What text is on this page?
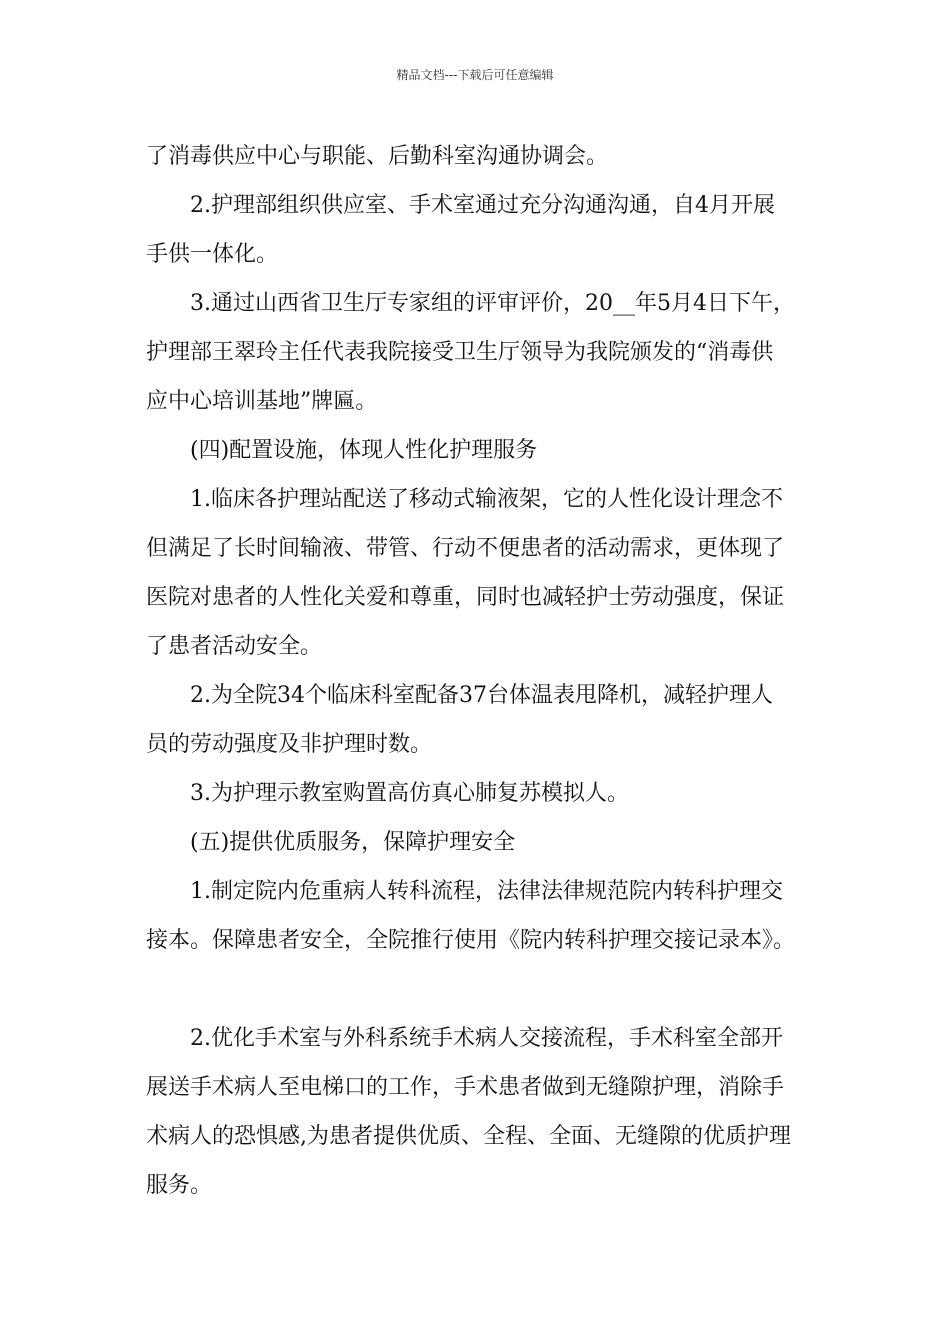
精品文档---下载后可任意编辑
了消毒供应中心与职能、后勤科室沟通协调会。
2.护理部组织供应室、手术室通过充分沟通沟通，自4月开展
手供一体化。
3.通过山西省卫生厅专家组的评审评价，20__年5月4日下午，
护理部王翠玲主任代表我院接受卫生厅领导为我院颁发的“消毒供
应中心培训基地”牌匾。
(四)配置设施，体现人性化护理服务
1.临床各护理站配送了移动式输液架，它的人性化设计理念不
但满足了长时间输液、带管、行动不便患者的活动需求，更体现了
医院对患者的人性化关爱和尊重，同时也减轻护士劳动强度，保证
了患者活动安全。
2.为全院34个临床科室配备37台体温表甩降机，减轻护理人
员的劳动强度及非护理时数。
3.为护理示教室购置高仿真心肺复苏模拟人。
(五)提供优质服务，保障护理安全
1.制定院内危重病人转科流程，法律法律规范院内转科护理交
接本。保障患者安全，全院推行使用《院内转科护理交接记录本》。
2.优化手术室与外科系统手术病人交接流程，手术科室全部开
展送手术病人至电梯口的工作，手术患者做到无缝隙护理，消除手
术病人的恐惧感,为患者提供优质、全程、全面、无缝隙的优质护理
服务。
